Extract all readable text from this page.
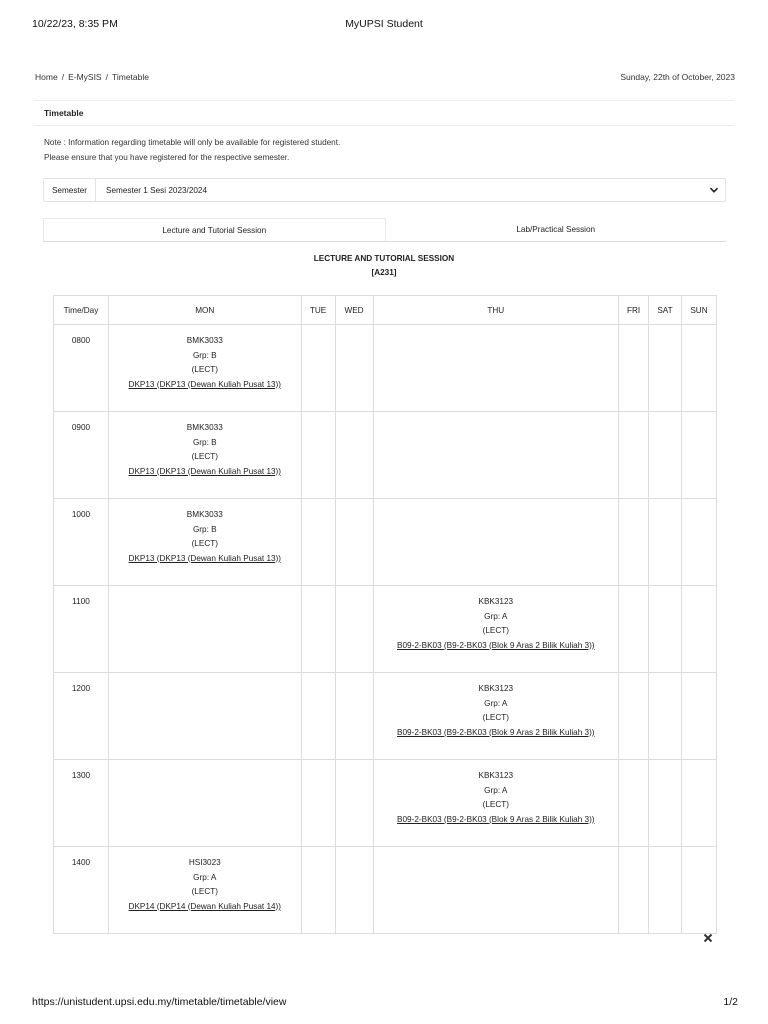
10/22/23, 8:35 PM	MyUPSI Student
Home / E-MySIS / Timetable	Sunday, 22th of October, 2023
Timetable
Note : Information regarding timetable will only be available for registered student.
Please ensure that you have registered for the respective semester.
Semester	Semester 1 Sesi 2023/2024
Lecture and Tutorial Session	Lab/Practical Session
LECTURE AND TUTORIAL SESSION
[A231]
Time/Day	MON	TUE	WED	THU	FRI	SAT	SUN
0800	BMK3033
Grp: B
(LECT)
DKP13 (DKP13 (Dewan Kuliah Pusat 13))						

0900	BMK3033
Grp: B
(LECT)
DKP13 (DKP13 (Dewan Kuliah Pusat 13))						

1000	BMK3033
Grp: B
(LECT)
DKP13 (DKP13 (Dewan Kuliah Pusat 13))						

1100				KBK3123
Grp: A
(LECT)
B09-2-BK03 (B9-2-BK03 (Blok 9 Aras 2 Bilik Kuliah 3))			

1200				KBK3123
Grp: A
(LECT)
B09-2-BK03 (B9-2-BK03 (Blok 9 Aras 2 Bilik Kuliah 3))			

1300				KBK3123
Grp: A
(LECT)
B09-2-BK03 (B9-2-BK03 (Blok 9 Aras 2 Bilik Kuliah 3))			

1400	HSI3023
Grp: A
(LECT)
DKP14 (DKP14 (Dewan Kuliah Pusat 14))						

https://unistudent.upsi.edu.my/timetable/timetable/view	1/2
